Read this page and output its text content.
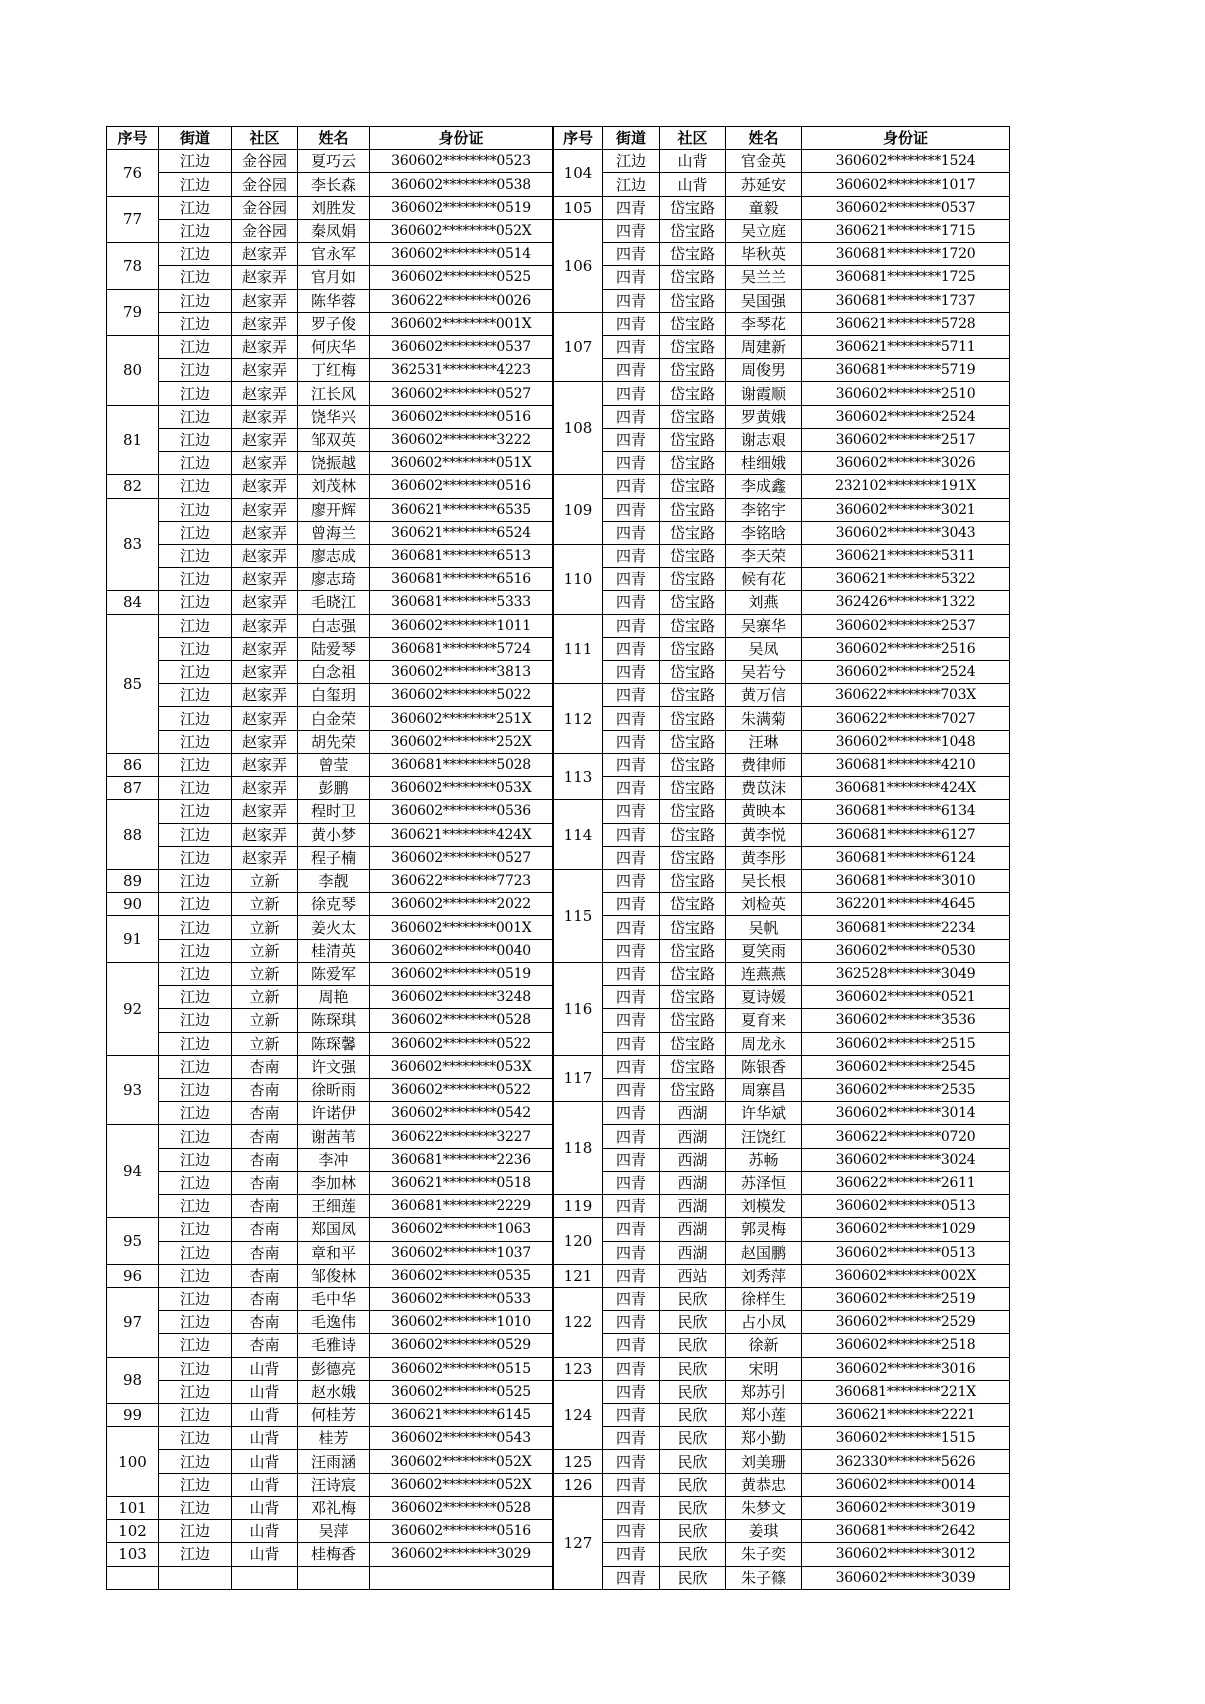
序号	街道	社区	姓名	身份证
76	江边	金谷园	夏巧云	360602********0523
	江边	金谷园	李长森	360602********0538
77	江边	金谷园	刘胜发	360602********0519
	江边	金谷园	秦凤娟	360602********052X
78	江边	赵家弄	官永军	360602********0514
	江边	赵家弄	官月如	360602********0525
79	江边	赵家弄	陈华蓉	360622********0026
	江边	赵家弄	罗子俊	360602********001X
80	江边	赵家弄	何庆华	360602********0537
	江边	赵家弄	丁红梅	362531********4223
	江边	赵家弄	江长风	360602********0527
81	江边	赵家弄	饶华兴	360602********0516
	江边	赵家弄	邹双英	360602********3222
	江边	赵家弄	饶振越	360602********051X
82	江边	赵家弄	刘茂林	360602********0516
83	江边	赵家弄	廖开辉	360621********6535
	江边	赵家弄	曾海兰	360621********6524
	江边	赵家弄	廖志成	360681********6513
	江边	赵家弄	廖志琦	360681********6516
84	江边	赵家弄	毛晓江	360681********5333
85	江边	赵家弄	白志强	360602********1011
	江边	赵家弄	陆爱琴	360681********5724
	江边	赵家弄	白念祖	360602********3813
	江边	赵家弄	白玺玥	360602********5022
	江边	赵家弄	白金荣	360602********251X
	江边	赵家弄	胡先荣	360602********252X
86	江边	赵家弄	曾莹	360681********5028
87	江边	赵家弄	彭鹏	360602********053X
88	江边	赵家弄	程时卫	360602********0536
	江边	赵家弄	黄小梦	360621********424X
	江边	赵家弄	程子楠	360602********0527
89	江边	立新	李靓	360622********7723
90	江边	立新	徐克琴	360602********2022
91	江边	立新	姜火太	360602********001X
	江边	立新	桂清英	360602********0040
92	江边	立新	陈爱军	360602********0519
	江边	立新	周艳	360602********3248
	江边	立新	陈琛琪	360602********0528
	江边	立新	陈琛馨	360602********0522
93	江边	杏南	许文强	360602********053X
	江边	杏南	徐昕雨	360602********0522
	江边	杏南	许诺伊	360602********0542
94	江边	杏南	谢茜苇	360622********3227
	江边	杏南	李冲	360681********2236
	江边	杏南	李加林	360621********0518
	江边	杏南	王细莲	360681********2229
95	江边	杏南	郑国凤	360602********1063
	江边	杏南	章和平	360602********1037
96	江边	杏南	邹俊林	360602********0535
97	江边	杏南	毛中华	360602********0533
	江边	杏南	毛逸伟	360602********1010
	江边	杏南	毛雅诗	360602********0529
98	江边	山背	彭德亮	360602********0515
	江边	山背	赵水娥	360602********0525
99	江边	山背	何桂芳	360621********6145
100	江边	山背	桂芳	360602********0543
	江边	山背	汪雨涵	360602********052X
	江边	山背	汪诗宸	360602********052X
101	江边	山背	邓礼梅	360602********0528
102	江边	山背	吴萍	360602********0516
103	江边	山背	桂梅香	360602********3029

序号	街道	社区	姓名	身份证
104	江边	山背	官金英	360602********1524
	江边	山背	苏延安	360602********1017
105	四青	岱宝路	童毅	360602********0537
106	四青	岱宝路	吴立庭	360621********1715
	四青	岱宝路	毕秋英	360681********1720
	四青	岱宝路	吴兰兰	360681********1725
	四青	岱宝路	吴国强	360681********1737
107	四青	岱宝路	李琴花	360621********5728
	四青	岱宝路	周建新	360621********5711
	四青	岱宝路	周俊男	360681********5719
108	四青	岱宝路	谢霞顺	360602********2510
	四青	岱宝路	罗黄娥	360602********2524
	四青	岱宝路	谢志艰	360602********2517
	四青	岱宝路	桂细娥	360602********3026
109	四青	岱宝路	李成鑫	232102********191X
	四青	岱宝路	李铭宇	360602********3021
	四青	岱宝路	李铭晗	360602********3043
110	四青	岱宝路	李天荣	360621********5311
	四青	岱宝路	候有花	360621********5322
	四青	岱宝路	刘燕	362426********1322
111	四青	岱宝路	吴寨华	360602********2537
	四青	岱宝路	吴凤	360602********2516
	四青	岱宝路	吴若兮	360602********2524
112	四青	岱宝路	黄万信	360622********703X
	四青	岱宝路	朱满菊	360622********7027
	四青	岱宝路	汪琳	360602********1048
113	四青	岱宝路	费律师	360681********4210
	四青	岱宝路	费苡沫	360681********424X
114	四青	岱宝路	黄映本	360681********6134
	四青	岱宝路	黄李悦	360681********6127
	四青	岱宝路	黄李彤	360681********6124
115	四青	岱宝路	吴长根	360681********3010
	四青	岱宝路	刘检英	362201********4645
	四青	岱宝路	吴帆	360681********2234
	四青	岱宝路	夏笑雨	360602********0530
116	四青	岱宝路	连燕燕	362528********3049
	四青	岱宝路	夏诗媛	360602********0521
	四青	岱宝路	夏育来	360602********3536
	四青	岱宝路	周龙永	360602********2515
117	四青	岱宝路	陈银香	360602********2545
	四青	岱宝路	周寨昌	360602********2535
118	四青	西湖	许华斌	360602********3014
	四青	西湖	汪饶红	360622********0720
	四青	西湖	苏畅	360602********3024
	四青	西湖	苏泽恒	360622********2611
119	四青	西湖	刘模发	360602********0513
120	四青	西湖	郭灵梅	360602********1029
	四青	西湖	赵国鹏	360602********0513
121	四青	西站	刘秀萍	360602********002X
122	四青	民欣	徐样生	360602********2519
	四青	民欣	占小凤	360602********2529
	四青	民欣	徐新	360602********2518
123	四青	民欣	宋明	360602********3016
124	四青	民欣	郑苏引	360681********221X
	四青	民欣	郑小莲	360621********2221
	四青	民欣	郑小勤	360602********1515
125	四青	民欣	刘美珊	362330********5626
126	四青	民欣	黄恭忠	360602********0014
127	四青	民欣	朱梦文	360602********3019
	四青	民欣	姜琪	360681********2642
	四青	民欣	朱子奕	360602********3012
	四青	民欣	朱子篠	360602********3039
